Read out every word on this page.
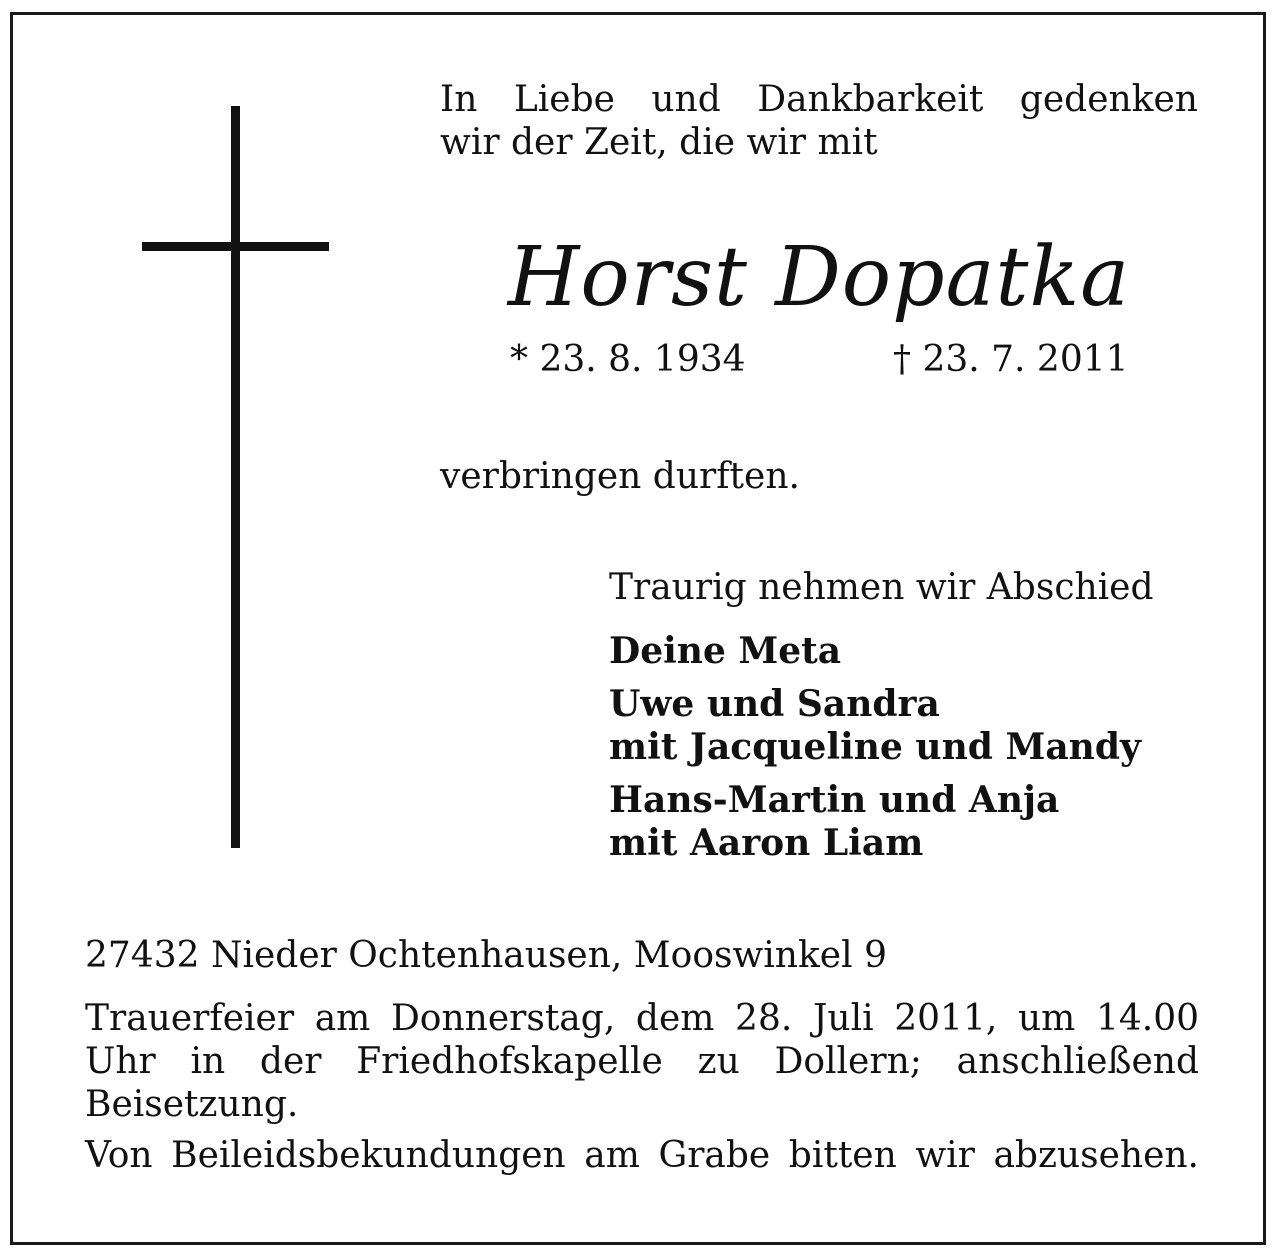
In Liebe und Dankbarkeit gedenken
wir der Zeit, die wir mit
Horst Dopatka
* 23. 8. 1934	† 23. 7. 2011
verbringen durften.
Traurig nehmen wir Abschied
Deine Meta
Uwe und Sandra
mit Jacqueline und Mandy
Hans-Martin und Anja
mit Aaron Liam
27432 Nieder Ochtenhausen, Mooswinkel 9
Trauerfeier am Donnerstag, dem 28. Juli 2011, um 14.00
Uhr in der Friedhofskapelle zu Dollern; anschließend
Beisetzung.
Von Beileidsbekundungen am Grabe bitten wir abzusehen.
